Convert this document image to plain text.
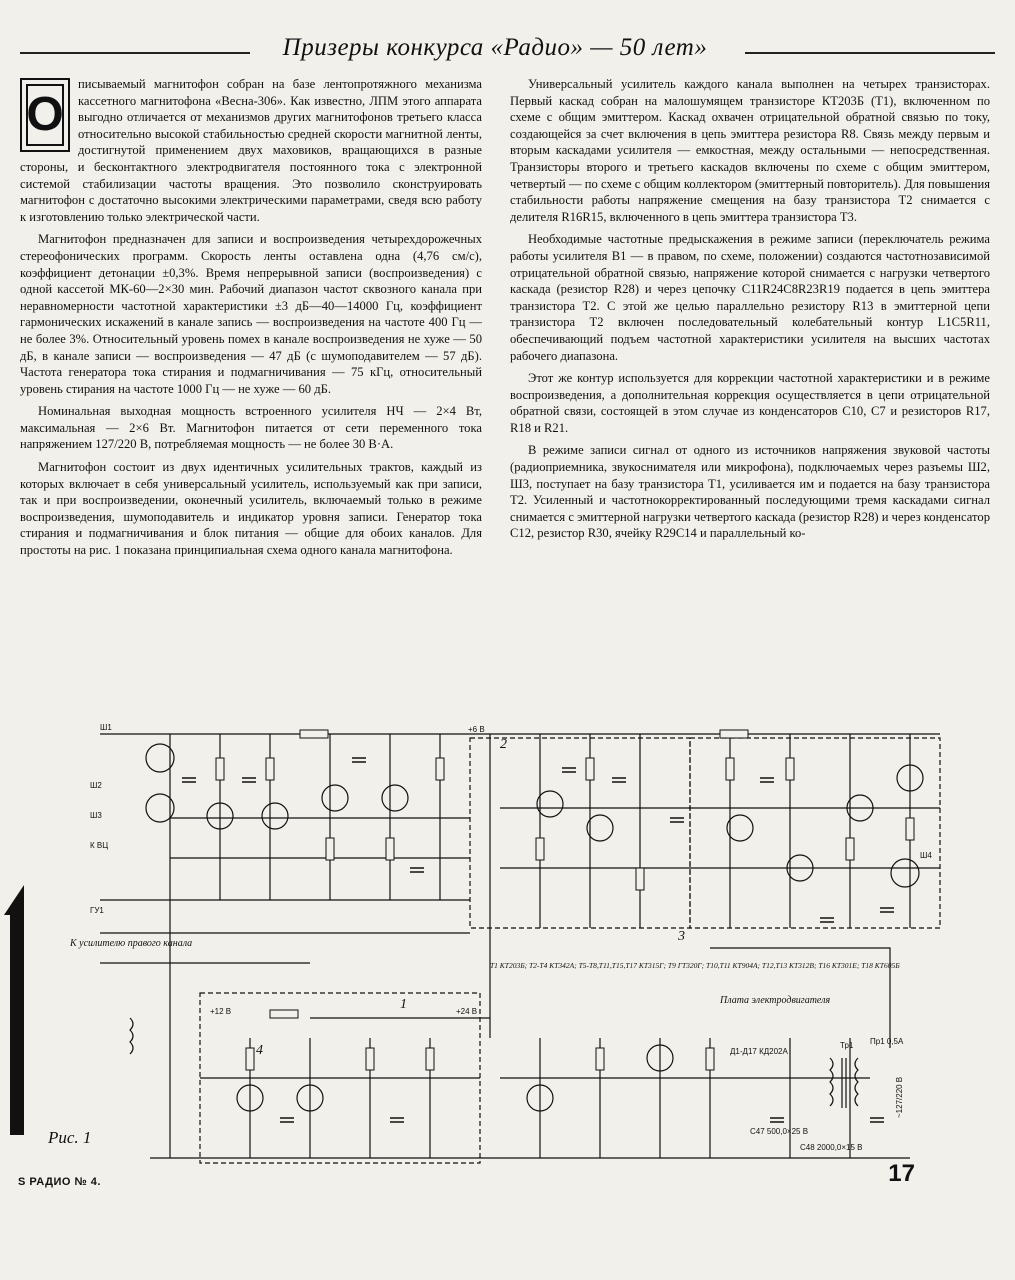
Призеры конкурса «Радио» — 50 лет»

О
писываемый магнитофон собран на базе лентопротяжного механизма кассетного магнитофона «Весна-306». Как известно, ЛПМ этого аппарата выгодно отличается от механизмов других магнитофонов третьего класса относительно высокой стабильностью средней скорости магнитной ленты, достигнутой применением двух маховиков, вращающихся в разные стороны, и бесконтактного электродвигателя постоянного тока с электронной системой стабилизации частоты вращения. Это позволило сконструировать магнитофон с достаточно высокими электрическими параметрами, сведя всю работу к изготовлению только электрической части.

Магнитофон предназначен для записи и воспроизведения четырехдорожечных стереофонических программ. Скорость ленты оставлена одна (4,76 см/с), коэффициент детонации ±0,3%. Время непрерывной записи (воспроизведения) с одной кассетой МК-60—2×30 мин. Рабочий диапазон частот сквозного канала при неравномерности частотной характеристики ±3 дБ—40—14000 Гц, коэффициент гармонических искажений в канале запись — воспроизведения на частоте 400 Гц — не более 3%. Относительный уровень помех в канале воспроизведения не хуже — 50 дБ, в канале записи — воспроизведения — 47 дБ (с шумоподавителем — 57 дБ). Частота генератора тока стирания и подмагничивания — 75 кГц, относительный уровень стирания на частоте 1000 Гц — не хуже — 60 дБ.

Номинальная выходная мощность встроенного усилителя НЧ — 2×4 Вт, максимальная — 2×6 Вт. Магнитофон питается от сети переменного тока напряжением 127/220 В, потребляемая мощность — не более 30 В·А.

Магнитофон состоит из двух идентичных усилительных трактов, каждый из которых включает в себя универсальный усилитель, используемый как при записи, так и при воспроизведении, оконечный усилитель, включаемый только в режиме воспроизведения, шумоподавитель и индикатор уровня записи. Генератор тока стирания и подмагничивания и блок питания — общие для обоих каналов. Для простоты на рис. 1 показана принципиальная схема одного канала магнитофона.

Универсальный усилитель каждого канала выполнен на четырех транзисторах. Первый каскад собран на малошумящем транзисторе КТ203Б (Т1), включенном по схеме с общим эмиттером. Каскад охвачен отрицательной обратной связью по току, создающейся за счет включения в цепь эмиттера резистора R8. Связь между первым и вторым каскадами усилителя — емкостная, между остальными — непосредственная. Транзисторы второго и третьего каскадов включены по схеме с общим эмиттером, четвертый — по схеме с общим коллектором (эмиттерный повторитель). Для повышения стабильности работы напряжение смещения на базу транзистора Т2 снимается с делителя R16R15, включенного в цепь эмиттера транзистора Т3.

Необходимые частотные предыскажения в режиме записи (переключатель режима работы усилителя В1 — в правом, по схеме, положении) создаются частотнозависимой отрицательной обратной связью, напряжение которой снимается с нагрузки четвертого каскада (резистор R28) и через цепочку C11R24C8R23R19 подается в цепь эмиттера транзистора Т2. С этой же целью параллельно резистору R13 в эмиттерной цепи транзистора Т2 включен последовательный колебательный контур L1C5R11, обеспечивающий подъем частотной характеристики усилителя на высших частотах рабочего диапазона.

Этот же контур используется для коррекции частотной характеристики и в режиме воспроизведения, а дополнительная коррекция осуществляется в цепи отрицательной обратной связи, состоящей в этом случае из конденсаторов C10, C7 и резисторов R17, R18 и R21.

В режиме записи сигнал от одного из источников напряжения звуковой частоты (радиоприемника, звукоснимателя или микрофона), подключаемых через разъемы Ш2, Ш3, поступает на базу транзистора Т1, усиливается им и подается на базу транзистора Т2. Усиленный и частотнокорректированный последующими тремя каскадами сигнал снимается с эмиттерной нагрузки четвертого каскада (резистор R28) и через конденсатор С12, резистор R30, ячейку R29C14 и параллельный ко-

Ш1
Ш2
Ш3
Ш4
ГУ1
К ВЦ
К усилителю правого канала
+6 В
+12 В	+24 В
Т1 КТ203Б; Т2-Т4 КТ342А; Т5-Т8,Т11,Т15,Т17 КТ315Г; Т9 ГТ320Г; Т10,Т11 КТ904А; Т12,Т13 КТ312В; Т16 КТ301Е; Т18 КТ605Б
Плата электродвигателя
~127/220 В
Тр1 Пр1 0,5А
Д1-Д17 КД202А
С48 2000,0×15 В
С47 500,0×25 В
1
2
3
4
Рис. 1
S РАДИО № 4.	17
